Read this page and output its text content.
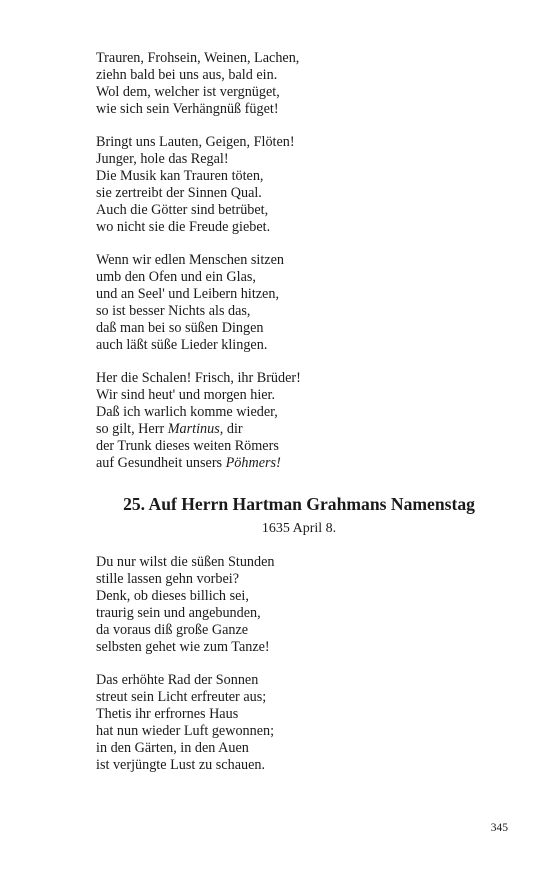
Trauren, Frohsein, Weinen, Lachen,
ziehn bald bei uns aus, bald ein.
Wol dem, welcher ist vergnüget,
wie sich sein Verhängnüß füget!
Bringt uns Lauten, Geigen, Flöten!
Junger, hole das Regal!
Die Musik kan Trauren töten,
sie zertreibt der Sinnen Qual.
Auch die Götter sind betrübet,
wo nicht sie die Freude giebet.
Wenn wir edlen Menschen sitzen
umb den Ofen und ein Glas,
und an Seel' und Leibern hitzen,
so ist besser Nichts als das,
daß man bei so süßen Dingen
auch läßt süße Lieder klingen.
Her die Schalen! Frisch, ihr Brüder!
Wir sind heut' und morgen hier.
Daß ich warlich komme wieder,
so gilt, Herr Martinus, dir
der Trunk dieses weiten Römers
auf Gesundheit unsers Pöhmers!
25. Auf Herrn Hartman Grahmans Namenstag
1635 April 8.
Du nur wilst die süßen Stunden
stille lassen gehn vorbei?
Denk, ob dieses billich sei,
traurig sein und angebunden,
da voraus diß große Ganze
selbsten gehet wie zum Tanze!
Das erhöhte Rad der Sonnen
streut sein Licht erfreuter aus;
Thetis ihr erfrornes Haus
hat nun wieder Luft gewonnen;
in den Gärten, in den Auen
ist verjüngte Lust zu schauen.
345
